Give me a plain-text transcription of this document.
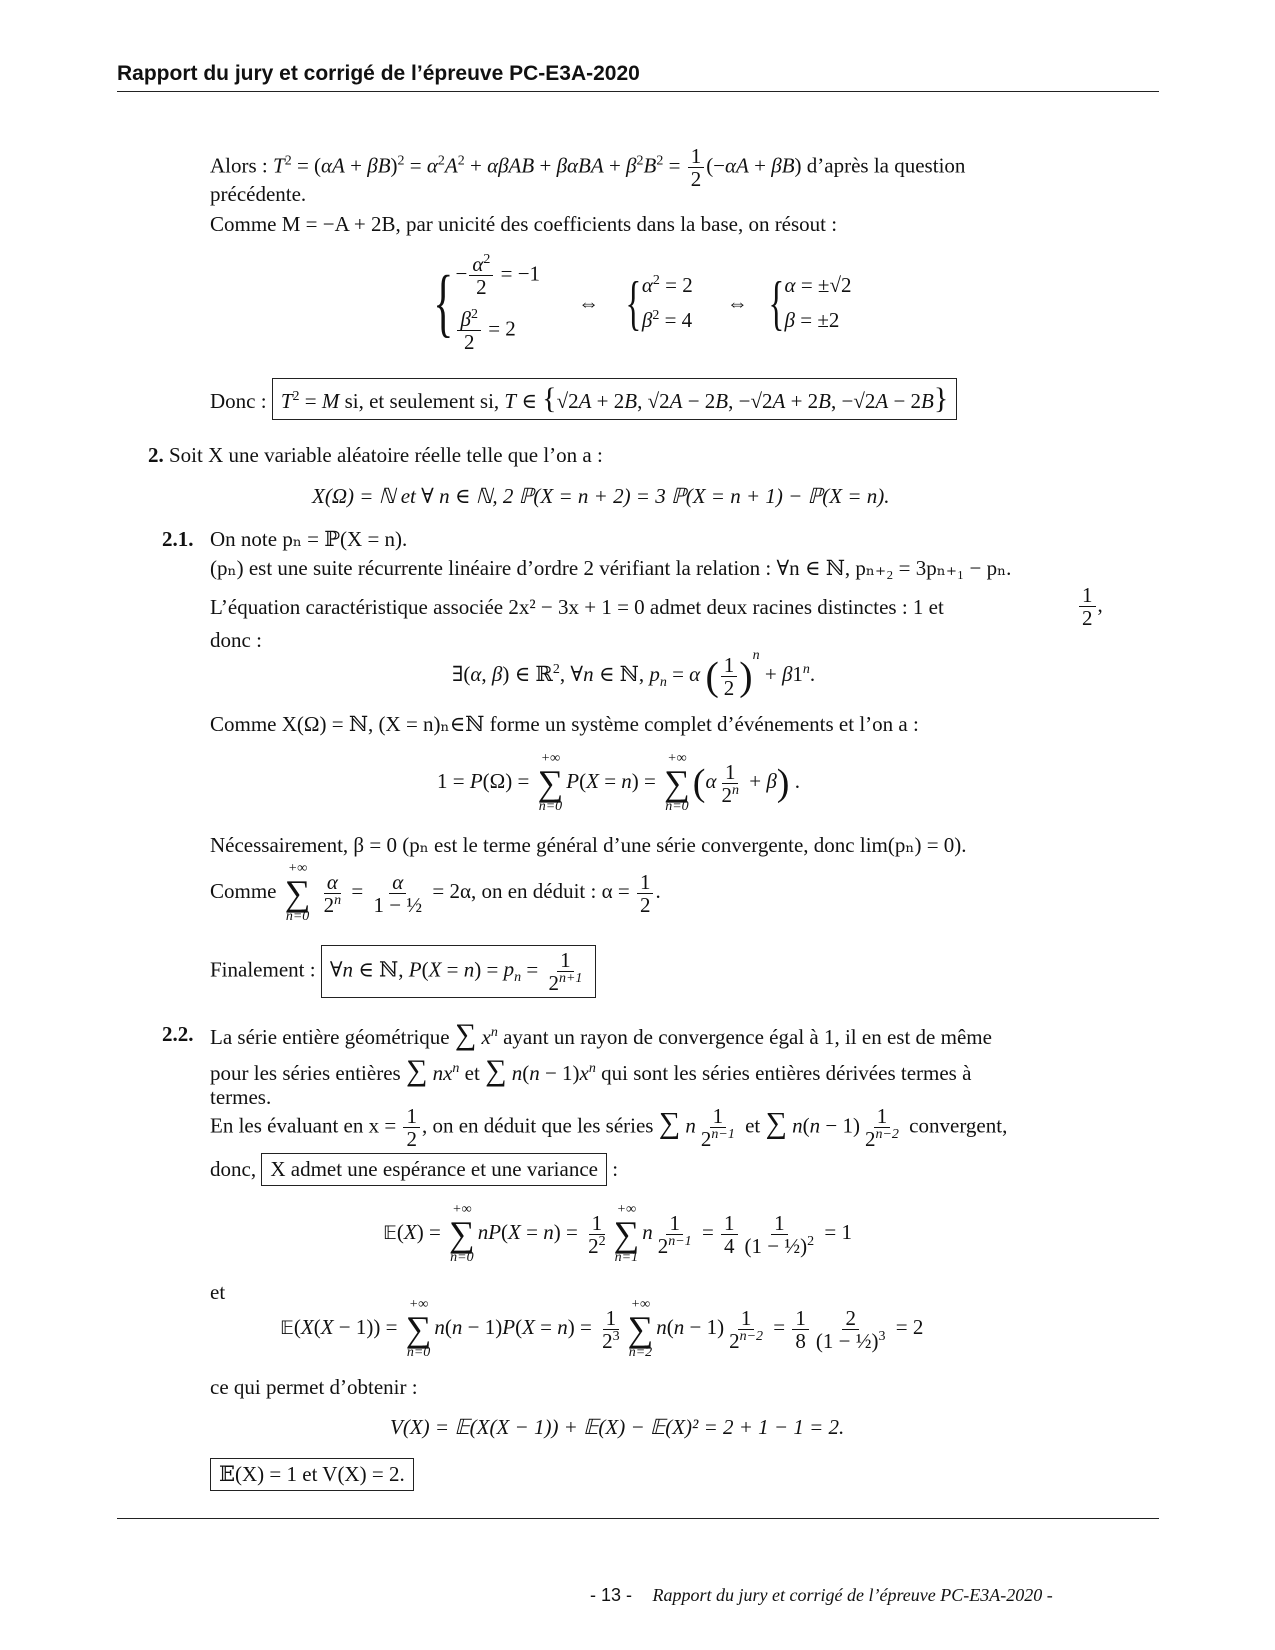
Rapport du jury et corrigé de l’épreuve PC-E3A-2020
Alors : $T^2 = (\alpha A + \beta B)^2 = \alpha^2A^2 + \alpha\beta AB + \beta\alpha BA + \beta^2B^2 = \frac{1}{2} (-\alpha A + \beta B)$ d’après la question
précédente.
Comme M = −A + 2B, par unicité des coefficients dans la base, on résout :
{ − $\frac{\alpha^2}{2} = -1$
$\frac{\beta^2}{2} = 2$
⇔ { $\alpha^2 = 2$
$\beta^2 = 4$
⇔ { α = ±√2
β = ±2
Donc : $T^2 = M$ si, et seulement si, T ∈ {√2A + 2B, √2A − 2B, −√2A + 2B, −√2A − 2B}
2. Soit X une variable aléatoire réelle telle que l’on a :
X(Ω) = ℕ et ∀ n ∈ ℕ, 2 ℙ(X = n + 2) = 3 ℙ(X = n + 1) − ℙ(X = n).
2.1. On note pₙ = ℙ(X = n).
(pₙ) est une suite récurrente linéaire d’ordre 2 vérifiant la relation : ∀n ∈ ℕ, pₙ₊₂ = 3pₙ₊₁ − pₙ.
L’équation caractéristique associée 2x² − 3x + 1 = 0 admet deux racines distinctes : 1 et	$\frac{1}{2}$ ,
donc :
∃(α, β) ∈ ℝ$^2$, ∀n ∈ ℕ, $p_n = \alpha$ ( $\frac{1}{2} )^n + \beta 1^n$.
Comme X(Ω) = ℕ, (X = n)ₙ∈ℕ forme un système complet d’événements et l’on a :
1 = P(Ω) =
+∞
∑
n=0
P(X = n) =
+∞
∑
n=0
$(\alpha \frac{1}{2^n} + \beta)$ .
Nécessairement, β = 0 (pₙ est le terme général d’une série convergente, donc lim(pₙ) = 0).
Comme
+∞
∑
n=0

$\frac{\alpha}{2^n} = \frac{\alpha}{\text{1 − ½}} = 2\alpha$, on en déduit : $\alpha = \frac{1}{2}$ .
Finalement : ∀n ∈ ℕ, $P(X = n) = p_n = \frac{1}{2^{n+1}}$
2.2. La série entière géométrique ∑ $x^n$ ayant un rayon de convergence égal à 1, il en est de même
pour les séries entières ∑ $nx^n$ et ∑ $n(n - 1)x^n$ qui sont les séries entières dérivées termes à
termes.
En les évaluant en $x = \frac{1}{2}$ , on en déduit que les séries ∑ n $\frac{1}{2^{n-1}}$ et ∑ $n(n - 1) \frac{1}{2^{n-2}}$ convergent,
donc, X admet une espérance et une variance :
𝔼(X) =
+∞
∑
n=0
$nP(X = n) = \frac{1}{2^2}$
+∞
∑
n=1
n $\frac{1}{2^{n-1}} = \frac{1}{4} \frac{1}{(1 - \frac{1}{2})^2} = 1$
et
𝔼(X(X − 1)) =
+∞
∑
n=0
$n(n - 1)P(X = n) = \frac{1}{2^3}$
+∞
∑
n=2
$n(n - 1) \frac{1}{2^{n-2}} = \frac{1}{8} \frac{2}{(1 - \frac{1}{2})^3} = 2$
ce qui permet d’obtenir :
V(X) = 𝔼(X(X − 1)) + 𝔼(X) − 𝔼(X)² = 2 + 1 − 1 = 2.
𝔼(X) = 1 et V(X) = 2.
- 13 - Rapport du jury et corrigé de l’épreuve PC-E3A-2020 -
